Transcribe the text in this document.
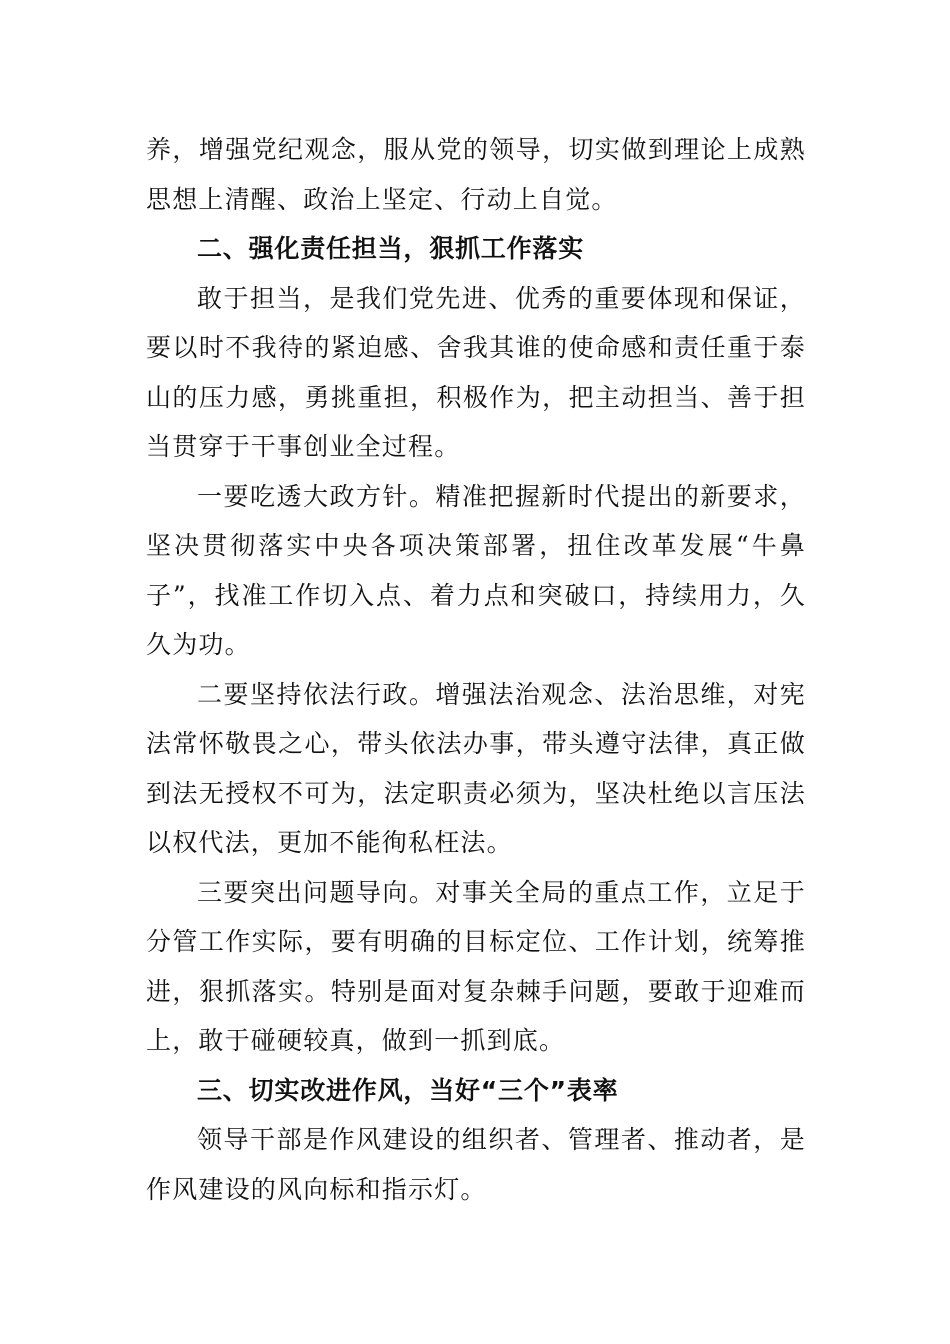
养，增强党纪观念，服从党的领导，切实做到理论上成熟
思想上清醒、政治上坚定、行动上自觉。
二、强化责任担当，狠抓工作落实
敢于担当，是我们党先进、优秀的重要体现和保证，
要以时不我待的紧迫感、舍我其谁的使命感和责任重于泰
山的压力感，勇挑重担，积极作为，把主动担当、善于担
当贯穿于干事创业全过程。
一要吃透大政方针。精准把握新时代提出的新要求，
坚决贯彻落实中央各项决策部署，扭住改革发展“牛鼻
子”，找准工作切入点、着力点和突破口，持续用力，久
久为功。
二要坚持依法行政。增强法治观念、法治思维，对宪
法常怀敬畏之心，带头依法办事，带头遵守法律，真正做
到法无授权不可为，法定职责必须为，坚决杜绝以言压法
以权代法，更加不能徇私枉法。
三要突出问题导向。对事关全局的重点工作，立足于
分管工作实际，要有明确的目标定位、工作计划，统筹推
进，狠抓落实。特别是面对复杂棘手问题，要敢于迎难而
上，敢于碰硬较真，做到一抓到底。
三、切实改进作风，当好“三个”表率
领导干部是作风建设的组织者、管理者、推动者，是
作风建设的风向标和指示灯。
